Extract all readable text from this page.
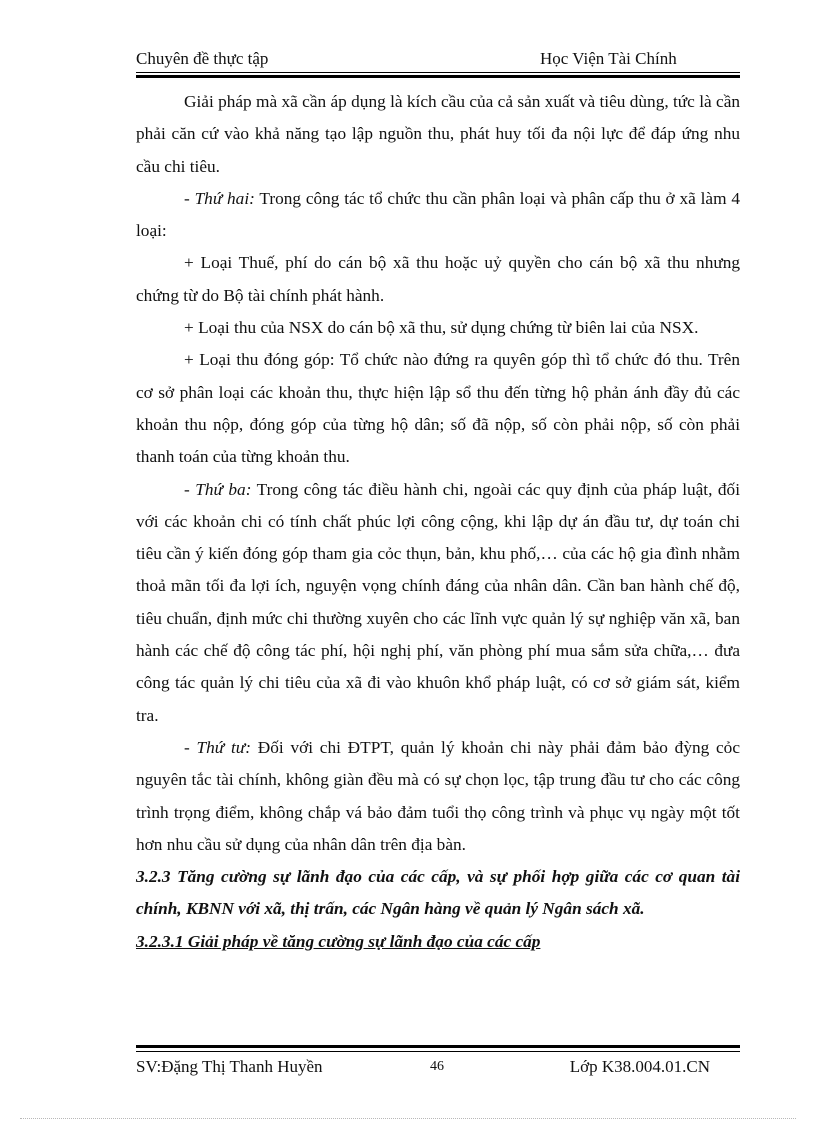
Chuyên đề thực tập	Học Viện Tài Chính

Giải pháp mà xã cần áp dụng là kích cầu của cả sản xuất và tiêu dùng, tức là cần phải căn cứ vào khả năng tạo lập nguồn thu, phát huy tối đa nội lực để đáp ứng nhu cầu chi tiêu.

- Thứ hai: Trong công tác tổ chức thu cần phân loại và phân cấp thu ở xã làm 4 loại:

+ Loại Thuế, phí do cán bộ xã thu hoặc uỷ quyền cho cán bộ xã thu nhưng chứng từ do Bộ tài chính phát hành.

+ Loại thu của NSX do cán bộ xã thu, sử dụng chứng từ biên lai của NSX.

+ Loại thu đóng góp: Tổ chức nào đứng ra quyên góp thì tổ chức đó thu. Trên cơ sở phân loại các khoản thu, thực hiện lập sổ thu đến từng hộ phản ánh đầy đủ các khoản thu nộp, đóng góp của từng hộ dân; số đã nộp, số còn phải nộp, số còn phải thanh toán của từng khoản thu.

- Thứ ba: Trong công tác điều hành chi, ngoài các quy định của pháp luật, đối với các khoản chi có tính chất phúc lợi công cộng, khi lập dự án đầu tư, dự toán chi tiêu cần ý kiến đóng góp tham gia cỏc thụn, bản, khu phố,… của các hộ gia đình nhằm thoả mãn tối đa lợi ích, nguyện vọng chính đáng của nhân dân. Cần ban hành chế độ, tiêu chuẩn, định mức chi thường xuyên cho các lĩnh vực quản lý sự nghiệp văn xã, ban hành các chế độ công tác phí, hội nghị phí, văn phòng phí mua sắm sửa chữa,… đưa công tác quản lý chi tiêu của xã đi vào khuôn khổ pháp luật, có cơ sở giám sát, kiểm tra.

- Thứ tư: Đối với chi ĐTPT, quản lý khoản chi này phải đảm bảo đỳng cỏc nguyên tắc tài chính, không giàn đều mà có sự chọn lọc, tập trung đầu tư cho các công trình trọng điểm, không chắp vá bảo đảm tuổi thọ công trình và phục vụ ngày một tốt hơn nhu cầu sử dụng của nhân dân trên địa bàn.

3.2.3 Tăng cường sự lãnh đạo của các cấp, và sự phối hợp giữa các cơ quan tài chính, KBNN với xã, thị trấn, các Ngân hàng về quản lý Ngân sách xã.

3.2.3.1 Giải pháp về tăng cường sự lãnh đạo của các cấp

SV:Đặng Thị Thanh Huyền	46	Lớp K38.004.01.CN
